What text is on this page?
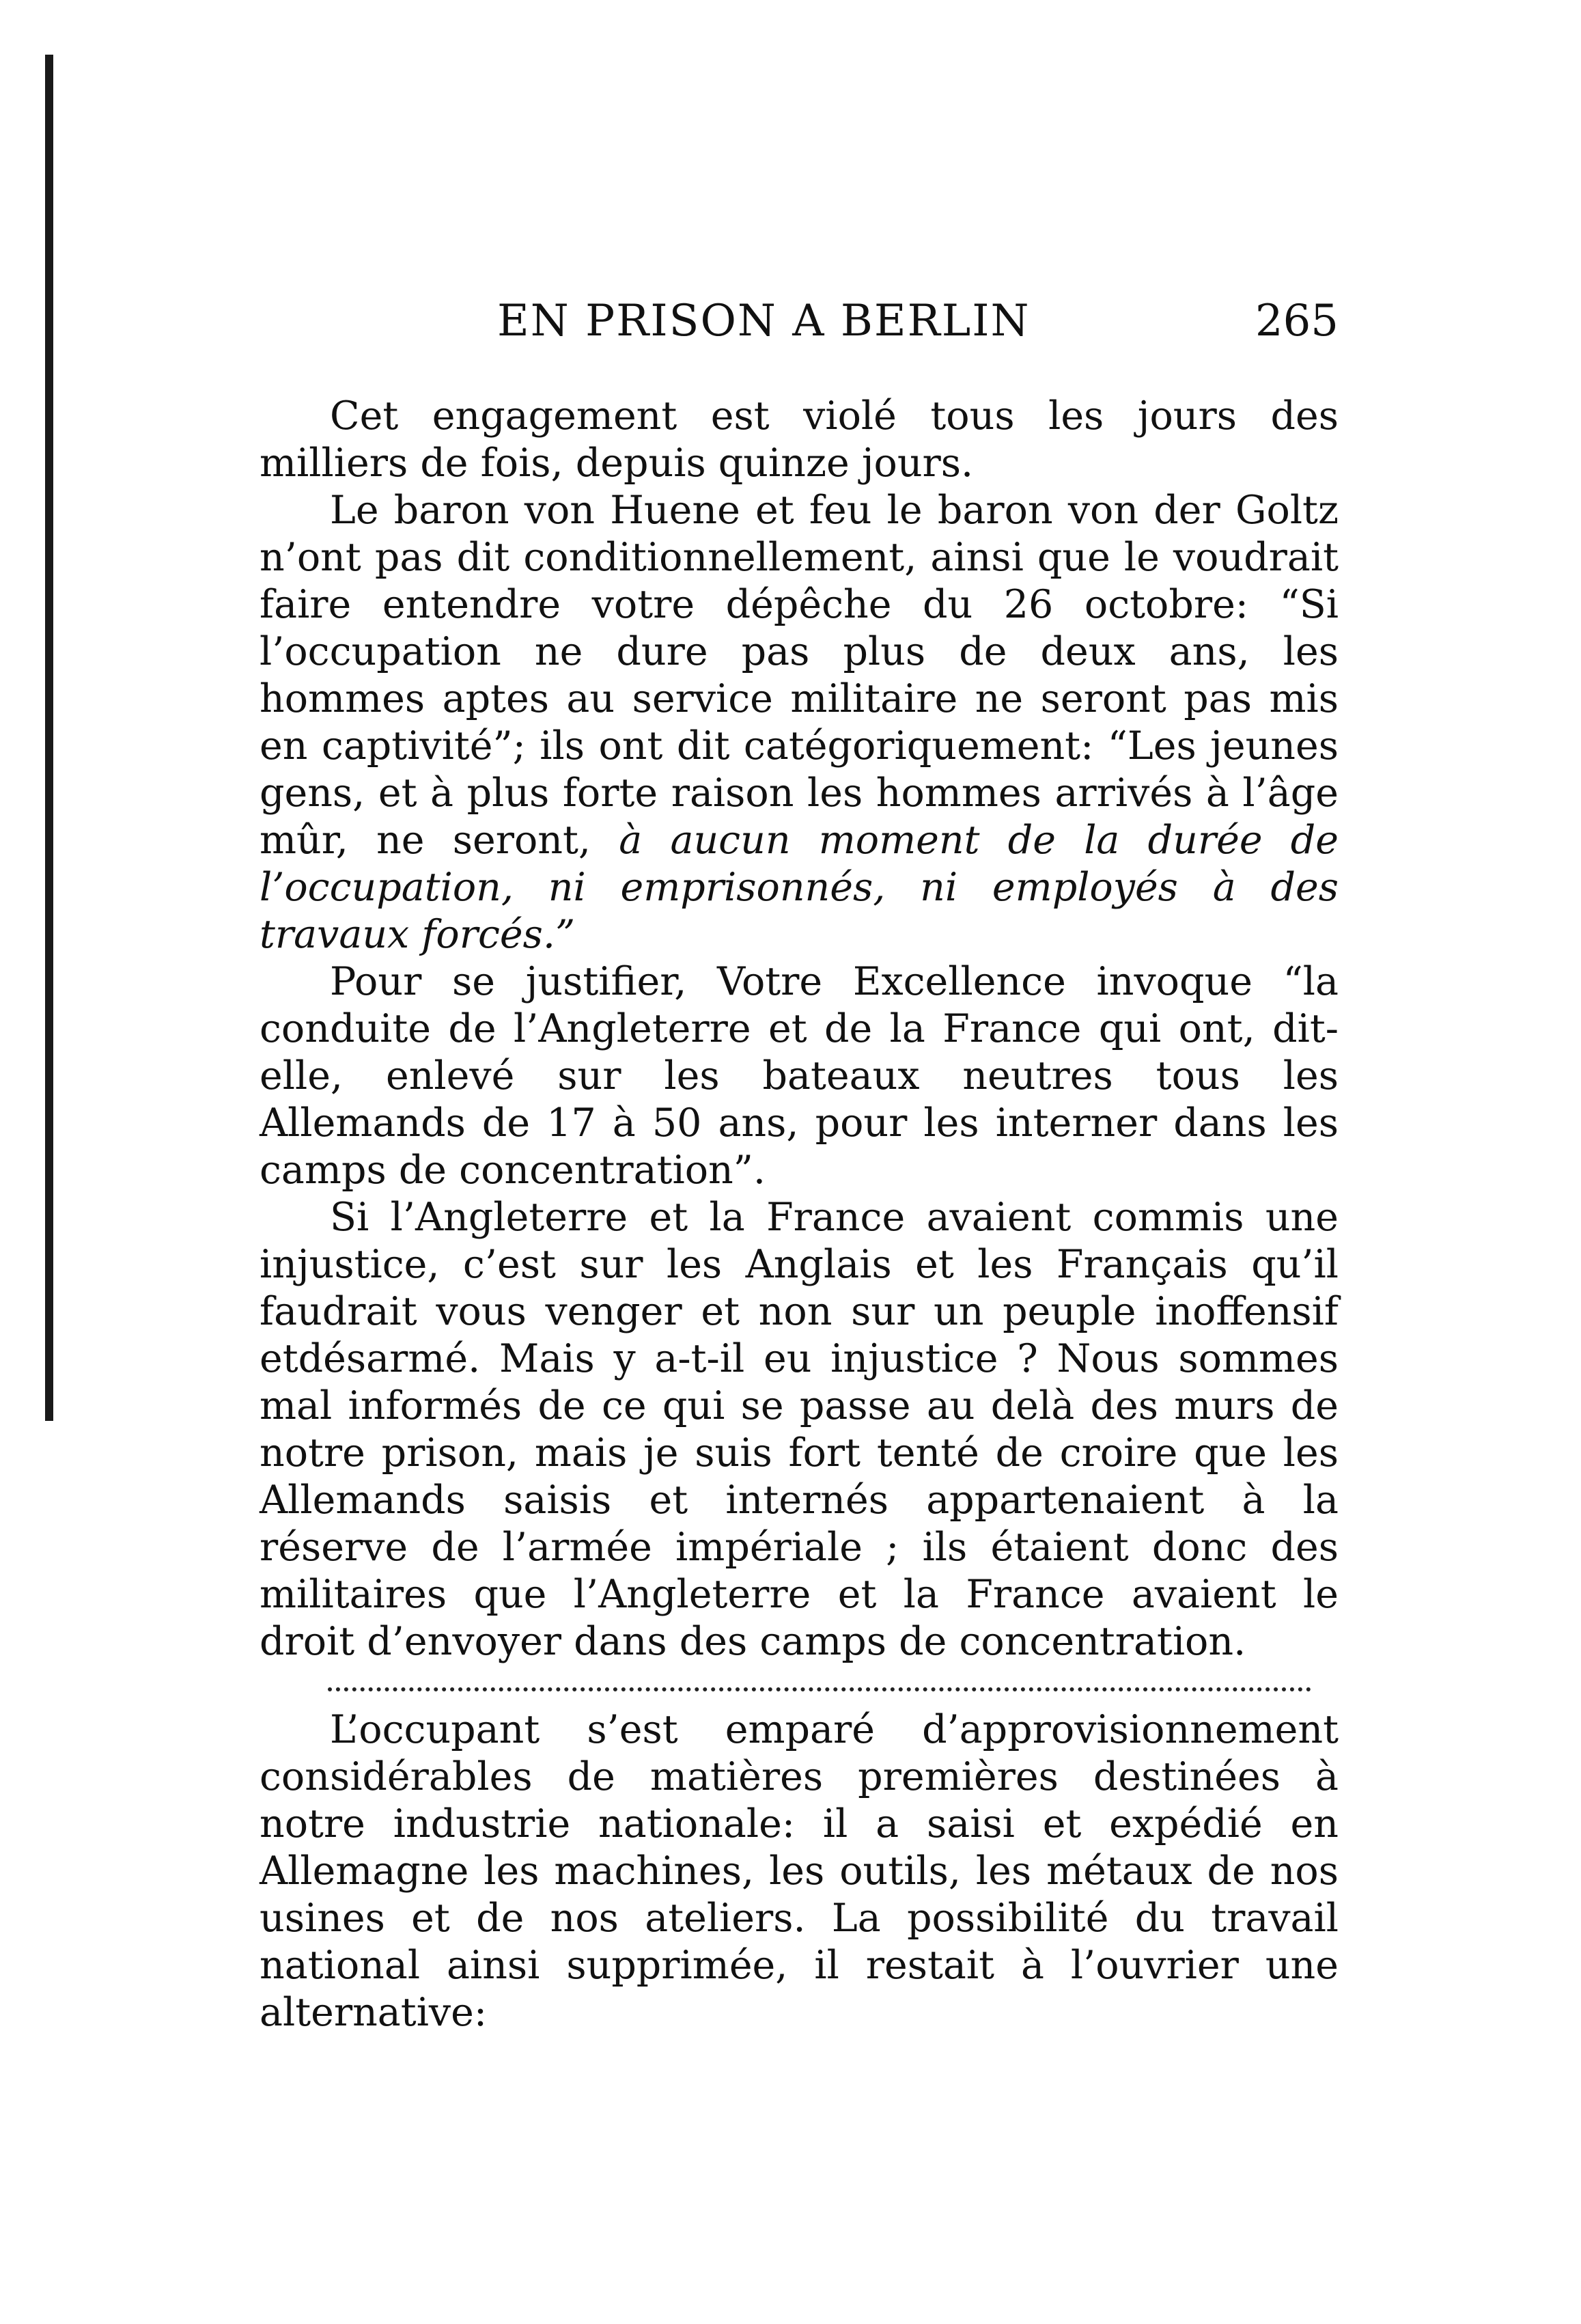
EN PRISON A BERLIN	265

Cet engagement est violé tous les jours des milliers de fois, depuis quinze jours.

Le baron von Huene et feu le baron von der Goltz n’ont pas dit conditionnellement, ainsi que le voudrait faire entendre votre dépêche du 26 octobre: “Si l’occupation ne dure pas plus de deux ans, les hommes aptes au service militaire ne seront pas mis en captivité”; ils ont dit catégoriquement: “Les jeunes gens, et à plus forte raison les hommes arrivés à l’âge mûr, ne seront, à aucun moment de la durée de l’occupation, ni emprisonnés, ni employés à des travaux forcés.”

Pour se justifier, Votre Excellence invoque “la conduite de l’Angleterre et de la France qui ont, dit-elle, enlevé sur les bateaux neutres tous les Allemands de 17 à 50 ans, pour les interner dans les camps de concentration”.

Si l’Angleterre et la France avaient commis une injustice, c’est sur les Anglais et les Français qu’il faudrait vous venger et non sur un peuple inoffensif etdésarmé. Mais y a-t-il eu injustice ? Nous sommes mal informés de ce qui se passe au delà des murs de notre prison, mais je suis fort tenté de croire que les Allemands saisis et internés appartenaient à la réserve de l’armée impériale ; ils étaient donc des militaires que l’Angleterre et la France avaient le droit d’envoyer dans des camps de concentration.

L’occupant s’est emparé d’approvisionnement considérables de matières premières destinées à notre industrie nationale: il a saisi et expédié en Allemagne les machines, les outils, les métaux de nos usines et de nos ateliers. La possibilité du travail national ainsi supprimée, il restait à l’ouvrier une alternative:
